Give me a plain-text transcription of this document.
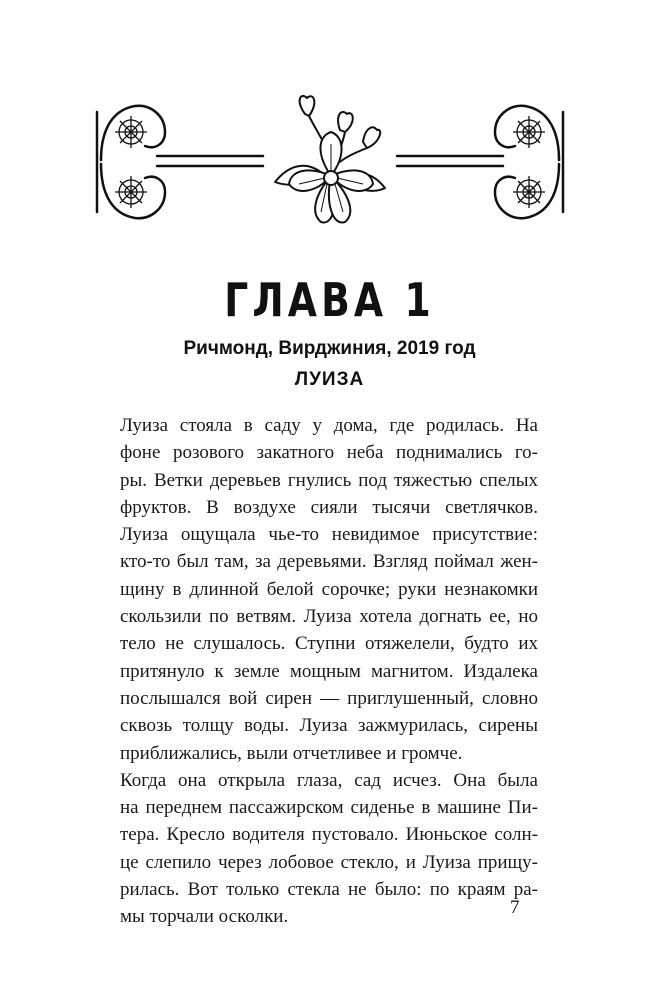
ГЛАВА 1
Ричмонд, Вирджиния, 2019 год
ЛУИЗА
Луиза стояла в саду у дома, где родилась. На
фоне розового закатного неба поднимались го-
ры. Ветки деревьев гнулись под тяжестью спелых
фруктов. В воздухе сияли тысячи светлячков.
Луиза ощущала чье-то невидимое присутствие:
кто-то был там, за деревьями. Взгляд поймал жен-
щину в длинной белой сорочке; руки незнакомки
скользили по ветвям. Луиза хотела догнать ее, но
тело не слушалось. Ступни отяжелели, будто их
притянуло к земле мощным магнитом. Издалека
послышался вой сирен — приглушенный, словно
сквозь толщу воды. Луиза зажмурилась, сирены
приближались, выли отчетливее и громче.
Когда она открыла глаза, сад исчез. Она была
на переднем пассажирском сиденье в машине Пи-
тера. Кресло водителя пустовало. Июньское солн-
це слепило через лобовое стекло, и Луиза прищу-
рилась. Вот только стекла не было: по краям ра-
мы торчали осколки.	7
